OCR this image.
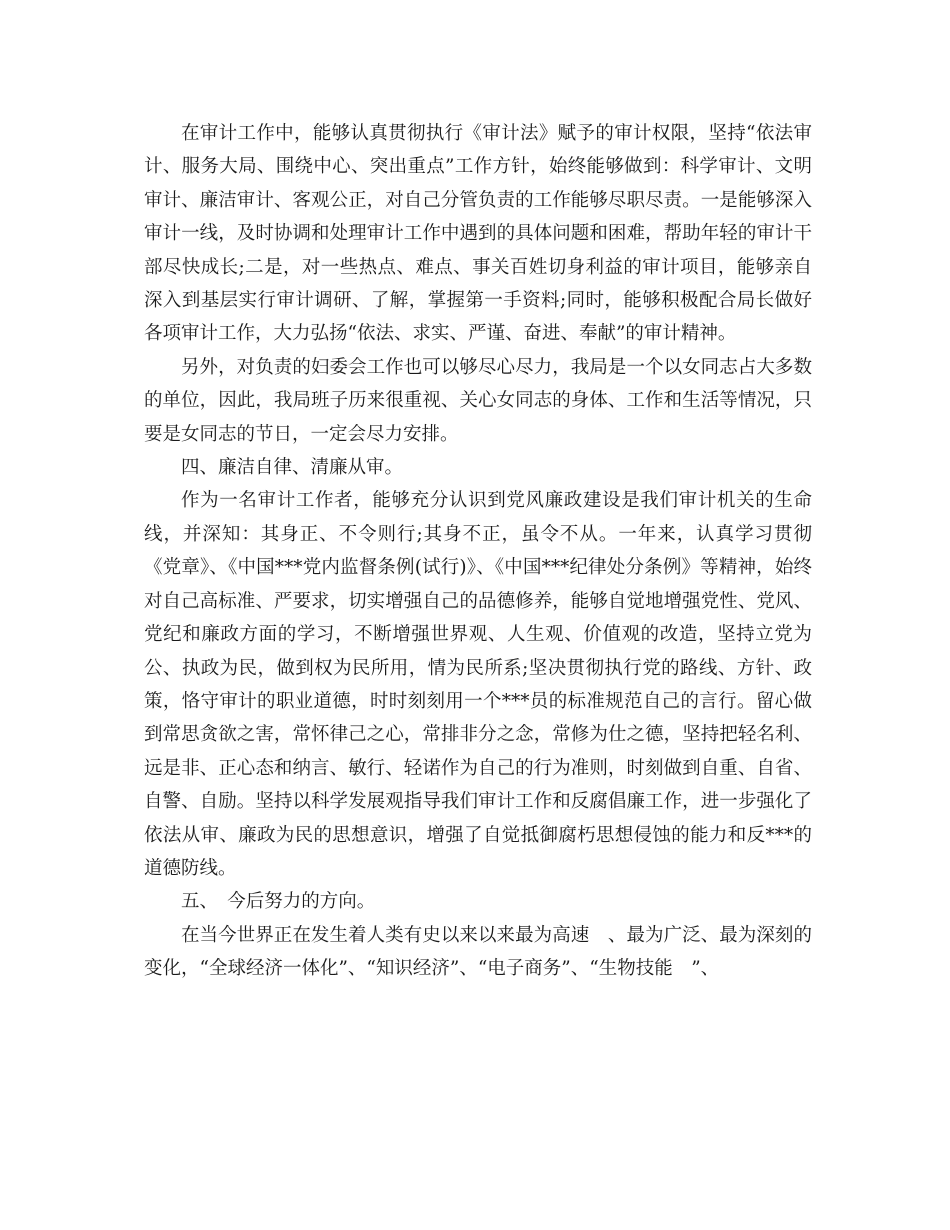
在审计工作中，能够认真贯彻执行《审计法》赋予的审计权限，坚持“依法审计、服务大局、围绕中心、突出重点”工作方针，始终能够做到：科学审计、文明审计、廉洁审计、客观公正，对自己分管负责的工作能够尽职尽责。一是能够深入审计一线，及时协调和处理审计工作中遇到的具体问题和困难，帮助年轻的审计干部尽快成长;二是，对一些热点、难点、事关百姓切身利益的审计项目，能够亲自深入到基层实行审计调研、了解，掌握第一手资料;同时，能够积极配合局长做好各项审计工作，大力弘扬“依法、求实、严谨、奋进、奉献”的审计精神。

另外，对负责的妇委会工作也可以够尽心尽力，我局是一个以女同志占大多数的单位，因此，我局班子历来很重视、关心女同志的身体、工作和生活等情况，只要是女同志的节日，一定会尽力安排。

四、廉洁自律、清廉从审。

作为一名审计工作者，能够充分认识到党风廉政建设是我们审计机关的生命线，并深知：其身正、不令则行;其身不正，虽令不从。一年来，认真学习贯彻《党章》、《中国***党内监督条例(试行)》、《中国***纪律处分条例》等精神，始终对自己高标准、严要求，切实增强自己的品德修养，能够自觉地增强党性、党风、党纪和廉政方面的学习，不断增强世界观、人生观、价值观的改造，坚持立党为公、执政为民，做到权为民所用，情为民所系;坚决贯彻执行党的路线、方针、政策，恪守审计的职业道德，时时刻刻用一个***员的标准规范自己的言行。留心做到常思贪欲之害，常怀律己之心，常排非分之念，常修为仕之德，坚持把轻名利、远是非、正心态和纳言、敏行、轻诺作为自己的行为准则，时刻做到自重、自省、自警、自励。坚持以科学发展观指导我们审计工作和反腐倡廉工作，进一步强化了依法从审、廉政为民的思想意识，增强了自觉抵御腐朽思想侵蚀的能力和反***的道德防线。

五、　今后努力的方向。

在当今世界正在发生着人类有史以来以来最为高速　、最为广泛、最为深刻的变化，“全球经济一体化”、“知识经济”、“电子商务”、“生物技能　”、
